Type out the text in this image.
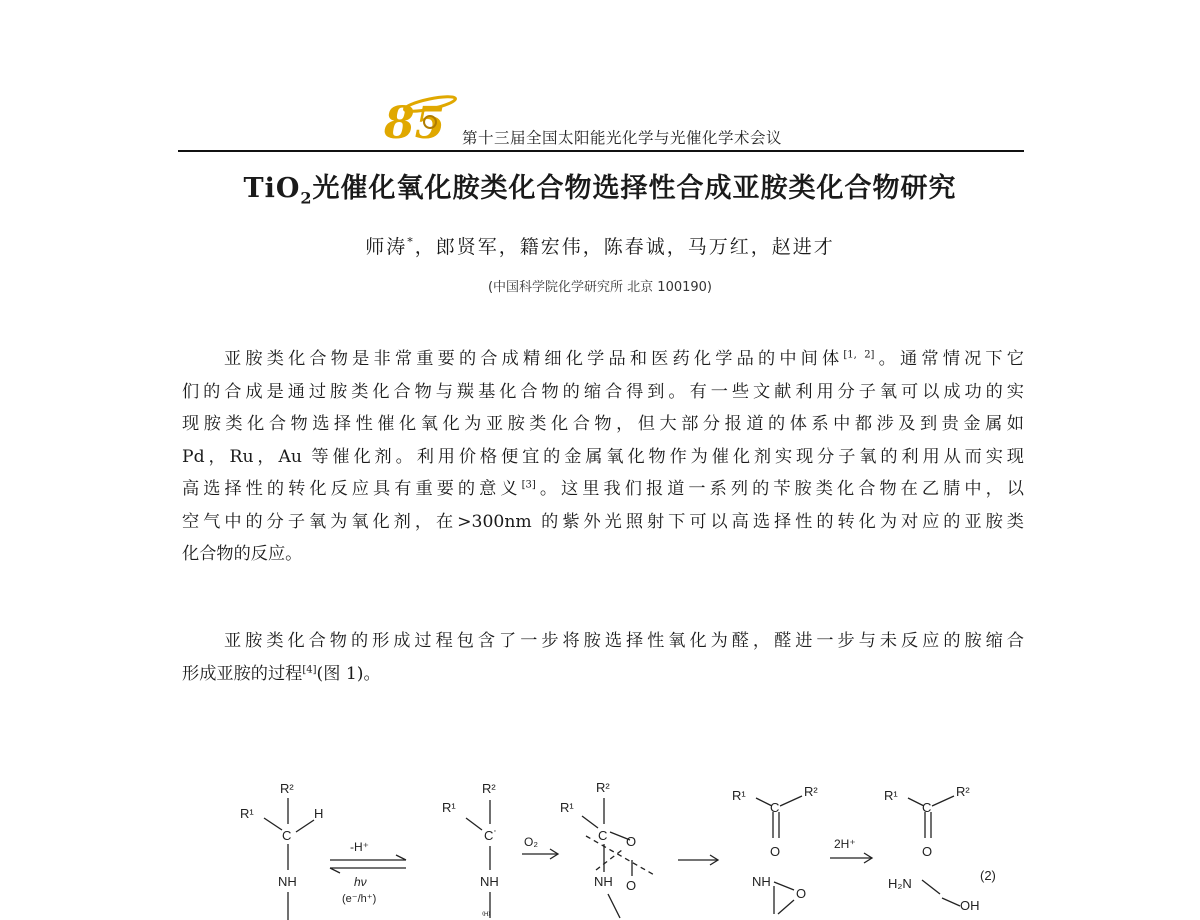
85 第十三届全国太阳能光化学与光催化学术会议
TiO$_2$光催化氧化胺类化合物选择性合成亚胺类化合物研究
师涛*，郎贤军，籍宏伟，陈春诚，马万红，赵进才
(中国科学院化学研究所 北京 100190)
亚胺类化合物是非常重要的合成精细化学品和医药化学品的中间体[1, 2]。通常情况下它
们的合成是通过胺类化合物与羰基化合物的缩合得到。有一些文献利用分子氧可以成功的实
现胺类化合物选择性催化氧化为亚胺类化合物，但大部分报道的体系中都涉及到贵金属如
Pd，Ru，Au 等催化剂。利用价格便宜的金属氧化物作为催化剂实现分子氧的利用从而实现
高选择性的转化反应具有重要的意义[3]。这里我们报道一系列的苄胺类化合物在乙腈中，以
空气中的分子氧为氧化剂，在>300nm 的紫外光照射下可以高选择性的转化为对应的亚胺类
化合物的反应。
亚胺类化合物的形成过程包含了一步将胺选择性氧化为醛，醛进一步与未反应的胺缩合
形成亚胺的过程[4](图 1)。
R²
R¹	H
C
NH
-H⁺
hν
(e⁻/h⁺)
R²
R¹
C˙
NH
⁽ᴴ⁾
O₂
R²
R¹
C O
O
NH
R¹	R²
C
O
NH
O
2H⁺
R¹	R²
C
O
H₂N
OH
(2)
